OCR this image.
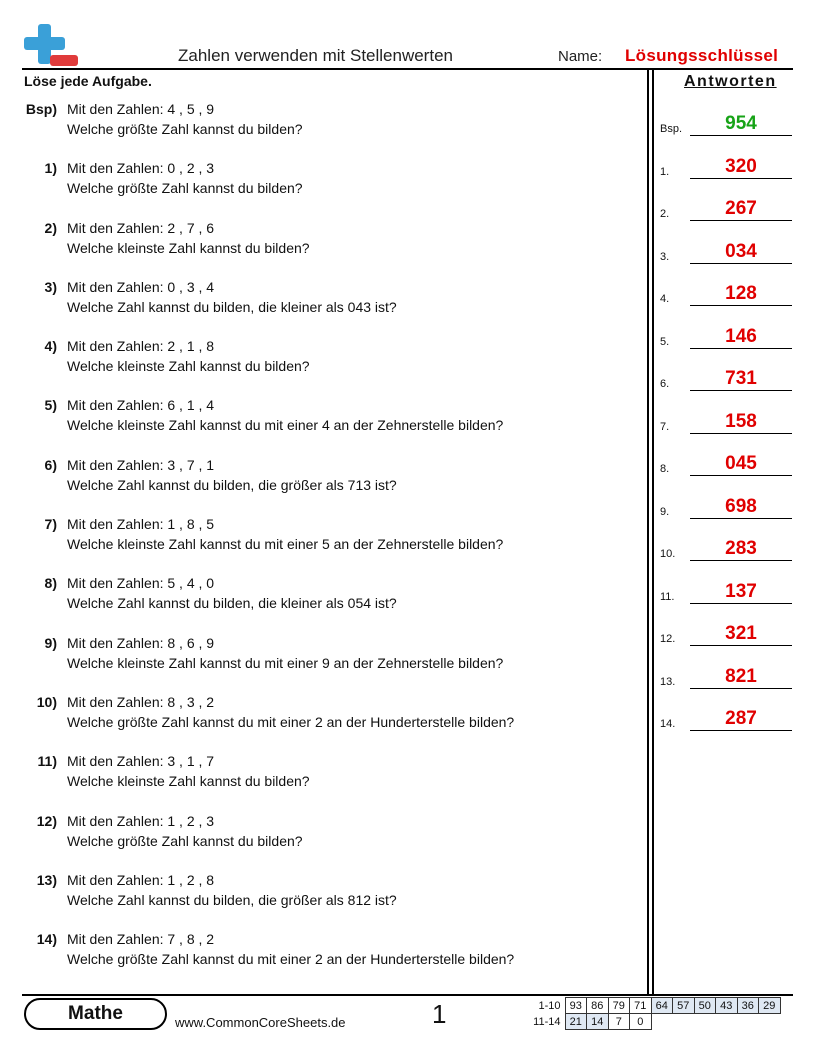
Zahlen verwenden mit Stellenwerten	Name: Lösungsschlüssel
Löse jede Aufgabe.	Antworten
Bsp) Mit den Zahlen: 4 , 5 , 9
Welche größte Zahl kannst du bilden?
1) Mit den Zahlen: 0 , 2 , 3
Welche größte Zahl kannst du bilden?
2) Mit den Zahlen: 2 , 7 , 6
Welche kleinste Zahl kannst du bilden?
3) Mit den Zahlen: 0 , 3 , 4
Welche Zahl kannst du bilden, die kleiner als 043 ist?
4) Mit den Zahlen: 2 , 1 , 8
Welche kleinste Zahl kannst du bilden?
5) Mit den Zahlen: 6 , 1 , 4
Welche kleinste Zahl kannst du mit einer 4 an der Zehnerstelle bilden?
6) Mit den Zahlen: 3 , 7 , 1
Welche Zahl kannst du bilden, die größer als 713 ist?
7) Mit den Zahlen: 1 , 8 , 5
Welche kleinste Zahl kannst du mit einer 5 an der Zehnerstelle bilden?
8) Mit den Zahlen: 5 , 4 , 0
Welche Zahl kannst du bilden, die kleiner als 054 ist?
9) Mit den Zahlen: 8 , 6 , 9
Welche kleinste Zahl kannst du mit einer 9 an der Zehnerstelle bilden?
10) Mit den Zahlen: 8 , 3 , 2
Welche größte Zahl kannst du mit einer 2 an der Hunderterstelle bilden?
11) Mit den Zahlen: 3 , 1 , 7
Welche kleinste Zahl kannst du bilden?
12) Mit den Zahlen: 1 , 2 , 3
Welche größte Zahl kannst du bilden?
13) Mit den Zahlen: 1 , 2 , 8
Welche Zahl kannst du bilden, die größer als 812 ist?
14) Mit den Zahlen: 7 , 8 , 2
Welche größte Zahl kannst du mit einer 2 an der Hunderterstelle bilden?
Bsp.	954
1.	320
2.	267
3.	034
4.	128
5.	146
6.	731
7.	158
8.	045
9.	698
10.	283
11.	137
12.	321
13.	821
14.	287
Mathe	www.CommonCoreSheets.de	1	1-10	93	86	79	71	64	57	50	43	36	29
11-14	21	14	7	0						
